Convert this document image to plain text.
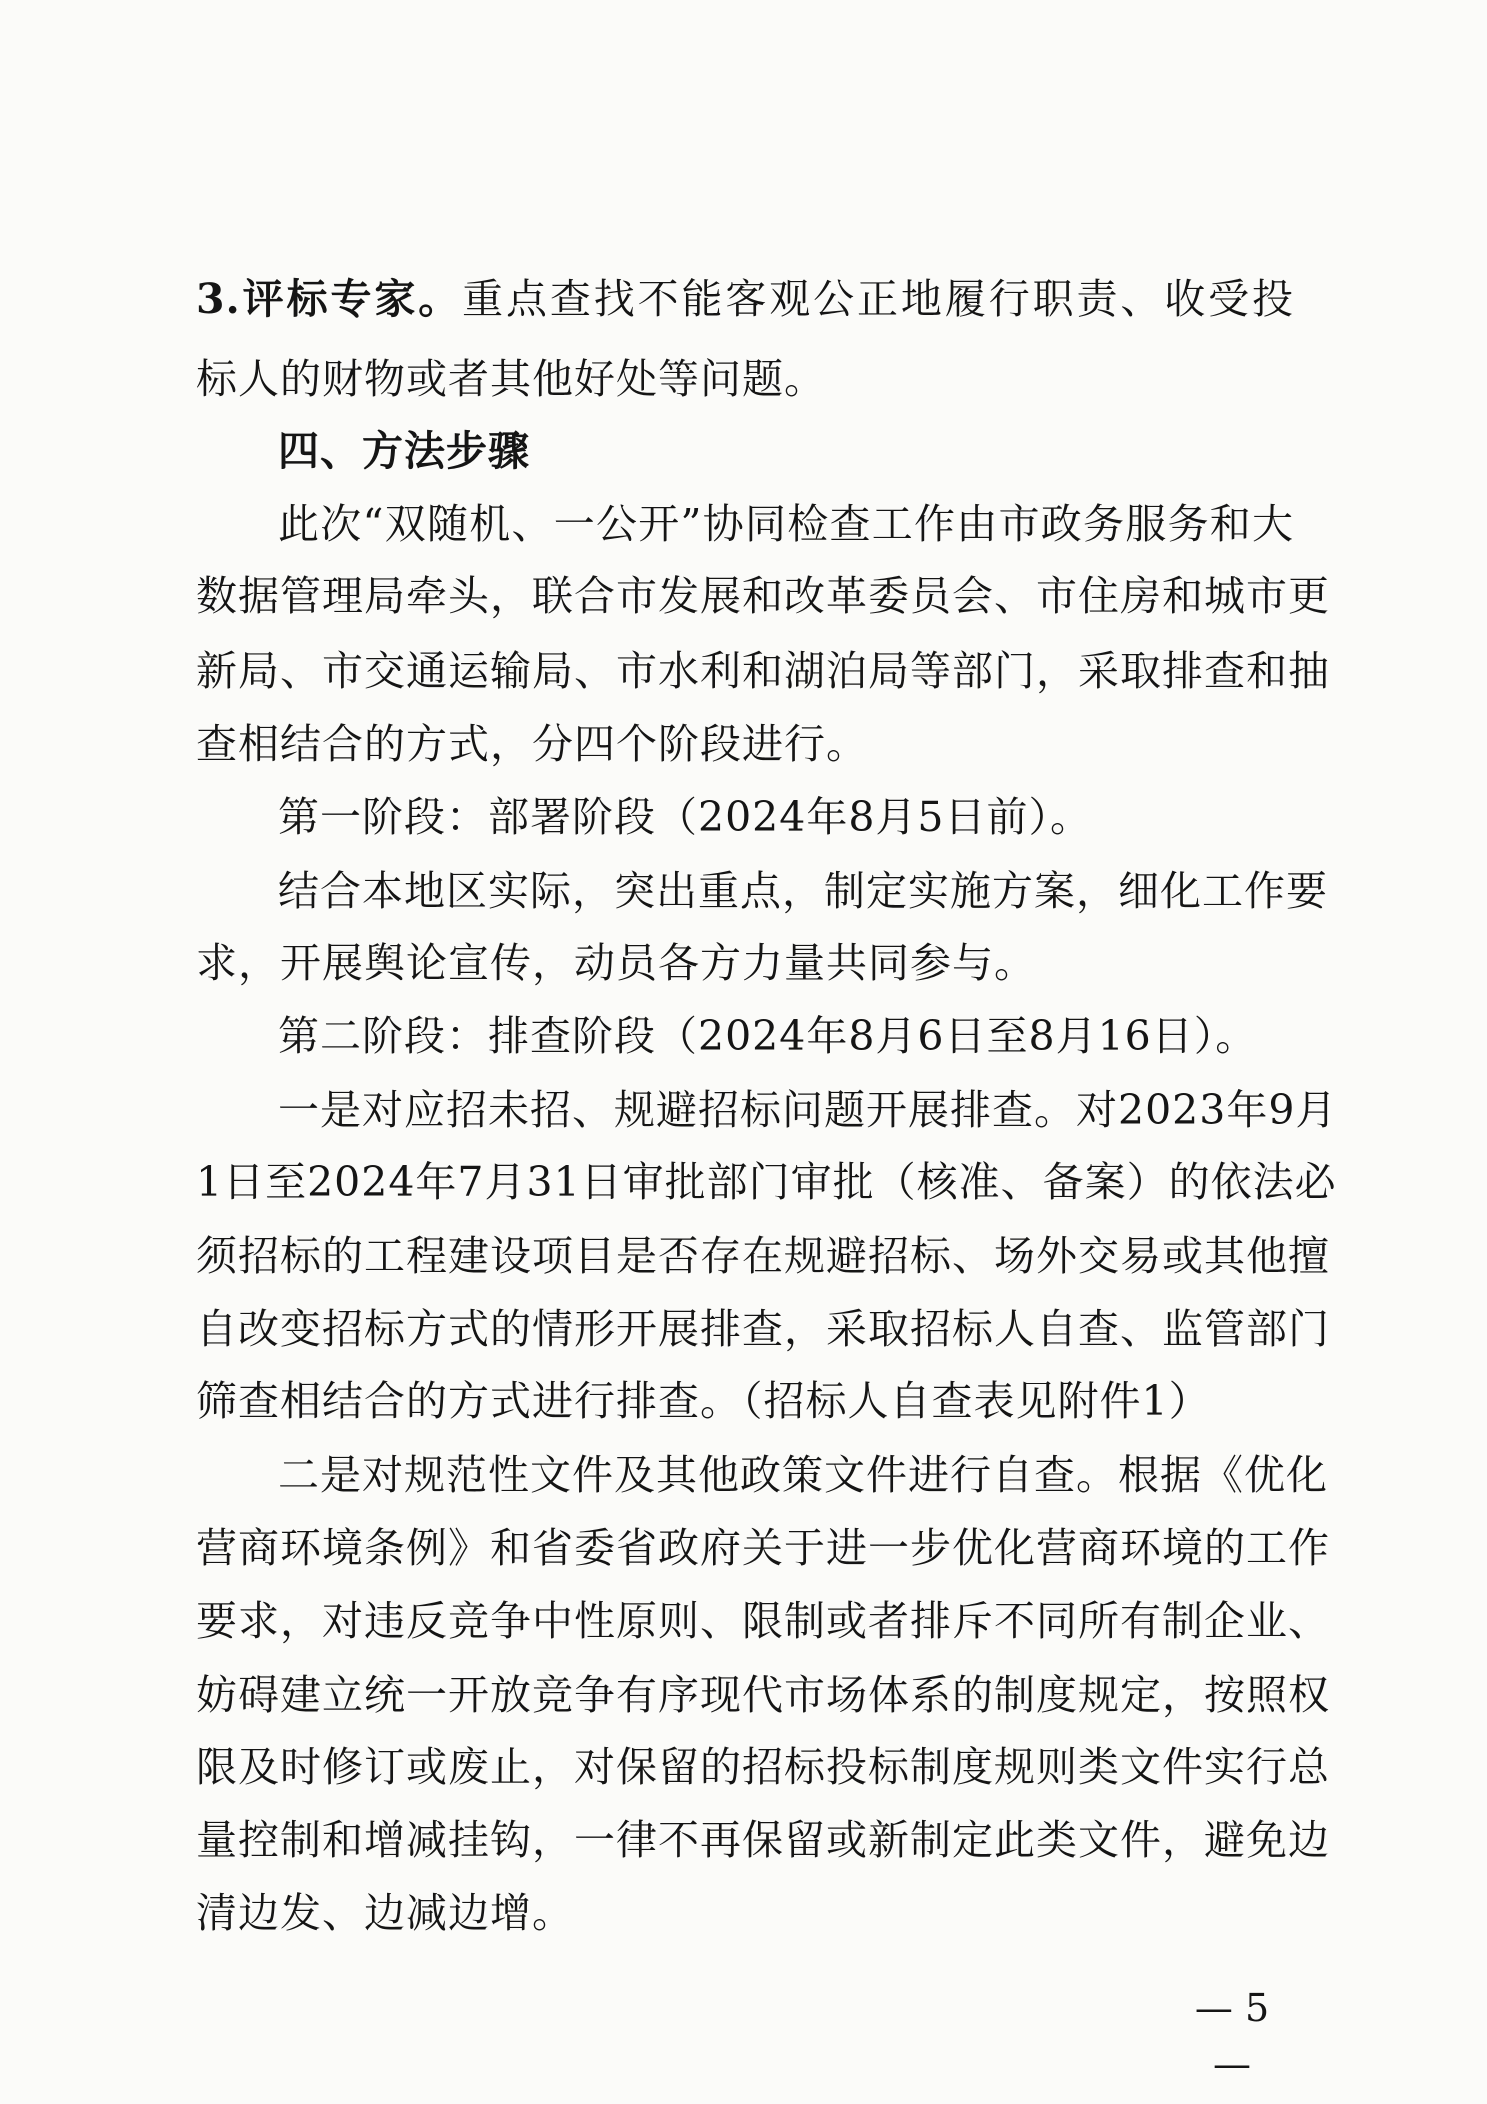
3.评标专家。重点查找不能客观公正地履行职责、收受投
标人的财物或者其他好处等问题。
四、方法步骤
此次“双随机、一公开”协同检查工作由市政务服务和大
数据管理局牵头，联合市发展和改革委员会、市住房和城市更
新局、市交通运输局、市水利和湖泊局等部门，采取排查和抽
查相结合的方式，分四个阶段进行。
第一阶段：部署阶段（2024年8月5日前）。
结合本地区实际，突出重点，制定实施方案，细化工作要
求，开展舆论宣传，动员各方力量共同参与。
第二阶段：排查阶段（2024年8月6日至8月16日）。
一是对应招未招、规避招标问题开展排查。对2023年9月
1日至2024年7月31日审批部门审批（核准、备案）的依法必
须招标的工程建设项目是否存在规避招标、场外交易或其他擅
自改变招标方式的情形开展排查，采取招标人自查、监管部门
筛查相结合的方式进行排查。（招标人自查表见附件1）
二是对规范性文件及其他政策文件进行自查。根据《优化
营商环境条例》和省委省政府关于进一步优化营商环境的工作
要求，对违反竞争中性原则、限制或者排斥不同所有制企业、
妨碍建立统一开放竞争有序现代市场体系的制度规定，按照权
限及时修订或废止，对保留的招标投标制度规则类文件实行总
量控制和增减挂钩，一律不再保留或新制定此类文件，避免边
清边发、边减边增。
— 5 —
